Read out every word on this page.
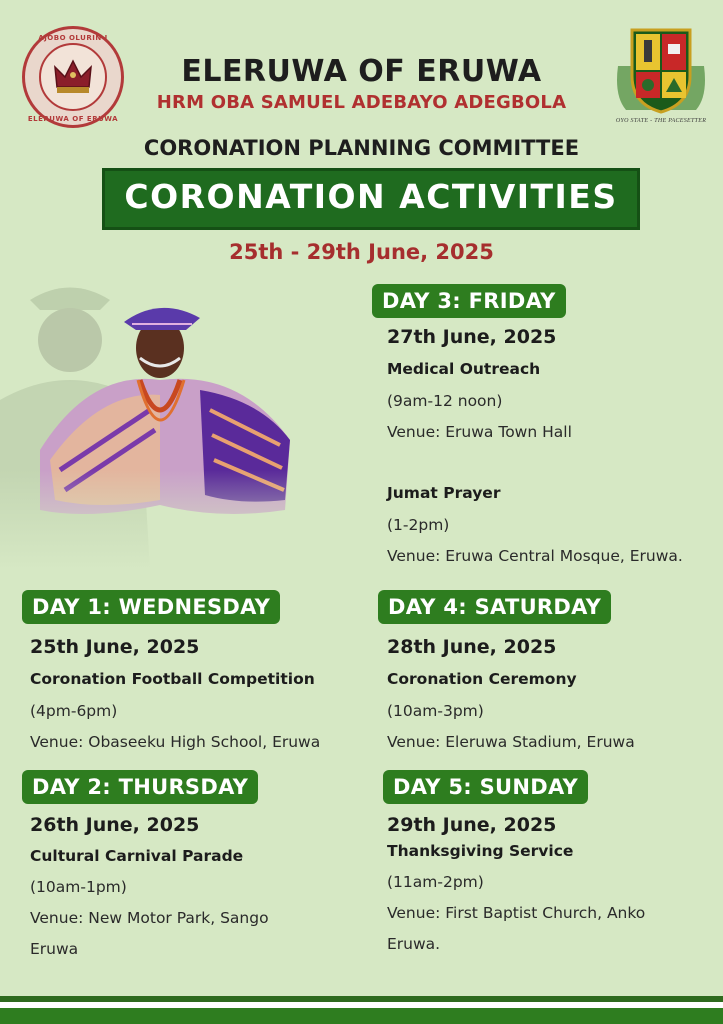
AJOBO OLURIN I
ELERUWA OF ERUWA	OYO STATE - THE PACESETTER
ELERUWA OF ERUWA
HRM OBA SAMUEL ADEBAYO ADEGBOLA
CORONATION PLANNING COMMITTEE
CORONATION ACTIVITIES
25th - 29th June, 2025
DAY 3: FRIDAY
27th June, 2025
Medical Outreach
(9am-12 noon)
Venue: Eruwa Town Hall
Jumat Prayer
(1-2pm)
Venue: Eruwa Central Mosque, Eruwa.
DAY 1: WEDNESDAY
25th June, 2025
Coronation Football Competition
(4pm-6pm)
Venue: Obaseeku High School, Eruwa
DAY 4: SATURDAY
28th June, 2025
Coronation Ceremony
(10am-3pm)
Venue: Eleruwa Stadium, Eruwa
DAY 2: THURSDAY
26th June, 2025
Cultural Carnival Parade
(10am-1pm)
Venue: New Motor Park, Sango
Eruwa
DAY 5: SUNDAY
29th June, 2025
Thanksgiving Service
(11am-2pm)
Venue: First Baptist Church, Anko
Eruwa.
